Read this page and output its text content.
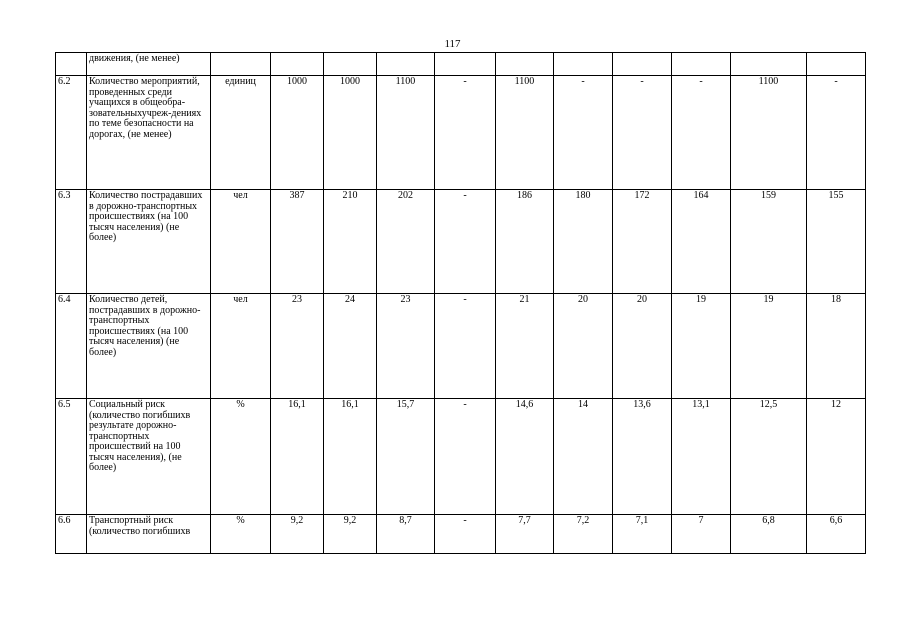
117
	движения, (не менее)											
6.2	Количество мероприятий, проведенных среди учащихся в общеобра-зовательныхучреж-дениях по теме безопасности на дорогах, (не менее)	единиц	1000	1000	1100	-	1100	-	-	-	1100	-
6.3	Количество пострадавших в дорожно-транспортных происшествиях (на 100 тысяч населения) (не более)	чел	387	210	202	-	186	180	172	164	159	155
6.4	Количество детей, пострадавших в дорожно-транспортных происшествиях (на 100 тысяч населения) (не более)	чел	23	24	23	-	21	20	20	19	19	18
6.5	Социальный риск (количество погибшихв результате дорожно-транспортных происшествий на 100 тысяч населения), (не более)	%	16,1	16,1	15,7	-	14,6	14	13,6	13,1	12,5	12
6.6	Транспортный риск (количество погибшихв	%	9,2	9,2	8,7	-	7,7	7,2	7,1	7	6,8	6,6
